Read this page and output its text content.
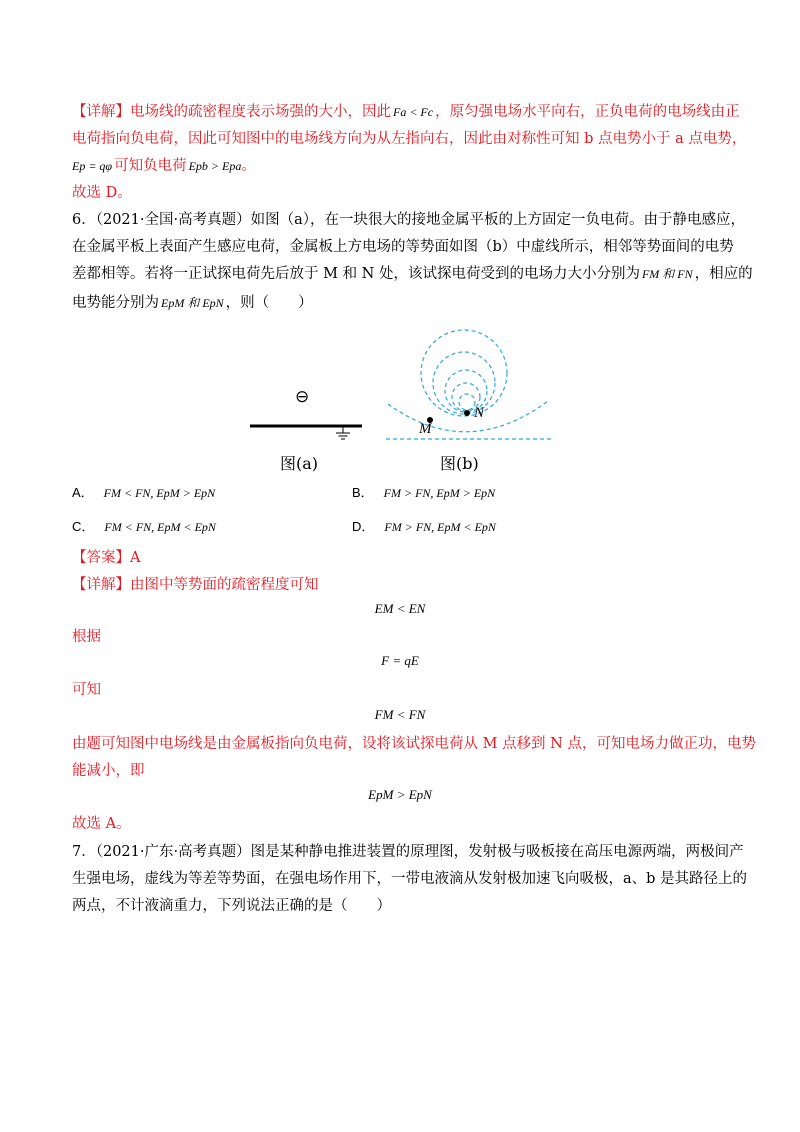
【详解】电场线的疏密程度表示场强的大小，因此 Fa < Fc ，原匀强电场水平向右，正负电荷的电场线由正
电荷指向负电荷，因此可知图中的电场线方向为从左指向右，因此由对称性可知 b 点电势小于 a 点电势，
Ep = qφ 可知负电荷 Epb > Epa。
故选 D。
6．（2021·全国·高考真题）如图（a），在一块很大的接地金属平板的上方固定一负电荷。由于静电感应，
在金属平板上表面产生感应电荷，金属板上方电场的等势面如图（b）中虚线所示，相邻等势面间的电势
差都相等。若将一正试探电荷先后放于 M 和 N 处，该试探电荷受到的电场力大小分别为 FM 和 FN ，相应的
电势能分别为 EpM 和 EpN ，则（　　）
⊖
图(a)
M
N
图(b)
A． FM < FN, EpM > EpN	B． FM > FN, EpM > EpN
C． FM < FN, EpM < EpN	D． FM > FN, EpM < EpN
【答案】A
【详解】由图中等势面的疏密程度可知
EM < EN
根据
F = qE
可知
FM < FN
由题可知图中电场线是由金属板指向负电荷，设将该试探电荷从 M 点移到 N 点，可知电场力做正功，电势
能减小，即
EpM > EpN
故选 A。
7．（2021·广东·高考真题）图是某种静电推进装置的原理图，发射极与吸板接在高压电源两端，两极间产
生强电场，虚线为等差等势面，在强电场作用下，一带电液滴从发射极加速飞向吸极，a、b 是其路径上的
两点，不计液滴重力，下列说法正确的是（　　）
